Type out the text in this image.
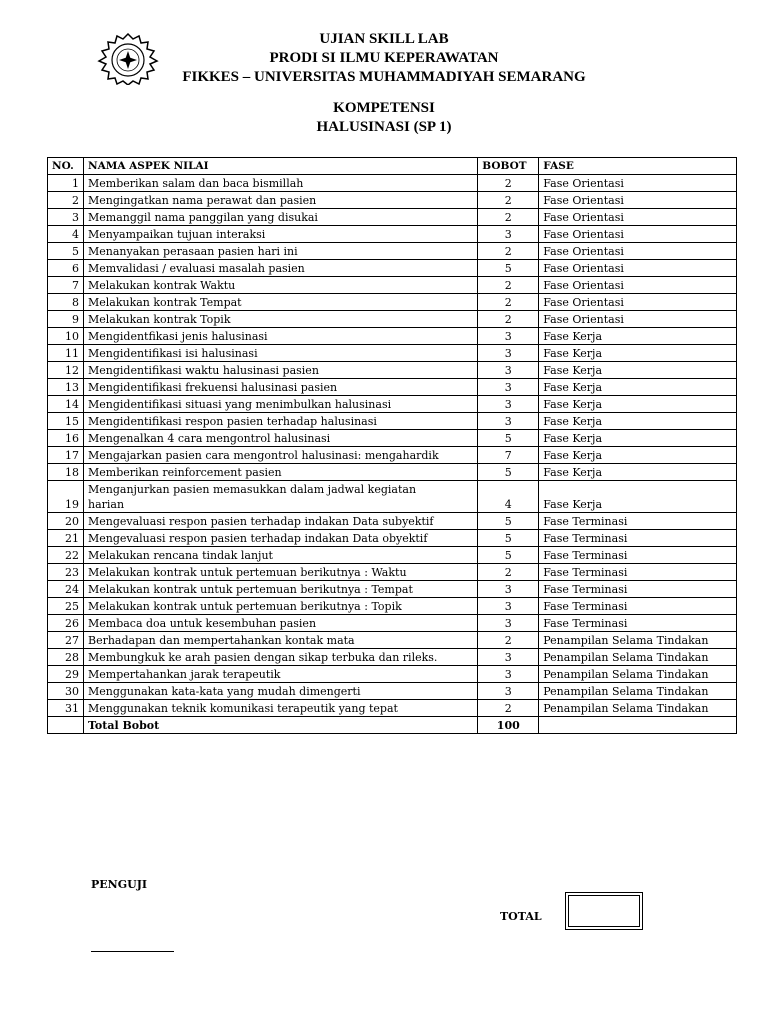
UJIAN SKILL LAB
PRODI SI ILMU KEPERAWATAN
FIKKES – UNIVERSITAS MUHAMMADIYAH SEMARANG
KOMPETENSI
HALUSINASI (SP 1)
NO.	NAMA ASPEK NILAI	BOBOT	FASE
1	Memberikan salam dan baca bismillah	2	Fase Orientasi
2	Mengingatkan nama perawat dan pasien	2	Fase Orientasi
3	Memanggil nama panggilan yang disukai	2	Fase Orientasi
4	Menyampaikan tujuan interaksi	3	Fase Orientasi
5	Menanyakan perasaan pasien hari ini	2	Fase Orientasi
6	Memvalidasi / evaluasi masalah pasien	5	Fase Orientasi
7	Melakukan kontrak Waktu	2	Fase Orientasi
8	Melakukan kontrak Tempat	2	Fase Orientasi
9	Melakukan kontrak Topik	2	Fase Orientasi
10	Mengidentfikasi jenis halusinasi	3	Fase Kerja
11	Mengidentifikasi isi halusinasi	3	Fase Kerja
12	Mengidentifikasi waktu halusinasi pasien	3	Fase Kerja
13	Mengidentifikasi frekuensi halusinasi pasien	3	Fase Kerja
14	Mengidentifikasi situasi yang menimbulkan halusinasi	3	Fase Kerja
15	Mengidentifikasi respon pasien terhadap halusinasi	3	Fase Kerja
16	Mengenalkan 4 cara mengontrol halusinasi	5	Fase Kerja
17	Mengajarkan pasien cara mengontrol halusinasi: mengahardik	7	Fase Kerja
18	Memberikan reinforcement pasien	5	Fase Kerja
19	Menganjurkan pasien memasukkan dalam jadwal kegiatan
harian	4	Fase Kerja
20	Mengevaluasi respon pasien terhadap indakan Data subyektif	5	Fase Terminasi
21	Mengevaluasi respon pasien terhadap indakan Data obyektif	5	Fase Terminasi
22	Melakukan rencana tindak lanjut	5	Fase Terminasi
23	Melakukan kontrak untuk pertemuan berikutnya : Waktu	2	Fase Terminasi
24	Melakukan kontrak untuk pertemuan berikutnya : Tempat	3	Fase Terminasi
25	Melakukan kontrak untuk pertemuan berikutnya : Topik	3	Fase Terminasi
26	Membaca doa untuk kesembuhan pasien	3	Fase Terminasi
27	Berhadapan dan mempertahankan kontak mata	2	Penampilan Selama Tindakan
28	Membungkuk ke arah pasien dengan sikap terbuka dan rileks.	3	Penampilan Selama Tindakan
29	Mempertahankan jarak terapeutik	3	Penampilan Selama Tindakan
30	Menggunakan kata-kata yang mudah dimengerti	3	Penampilan Selama Tindakan
31	Menggunakan teknik komunikasi terapeutik yang tepat	2	Penampilan Selama Tindakan
	Total Bobot	100	
PENGUJI
TOTAL
